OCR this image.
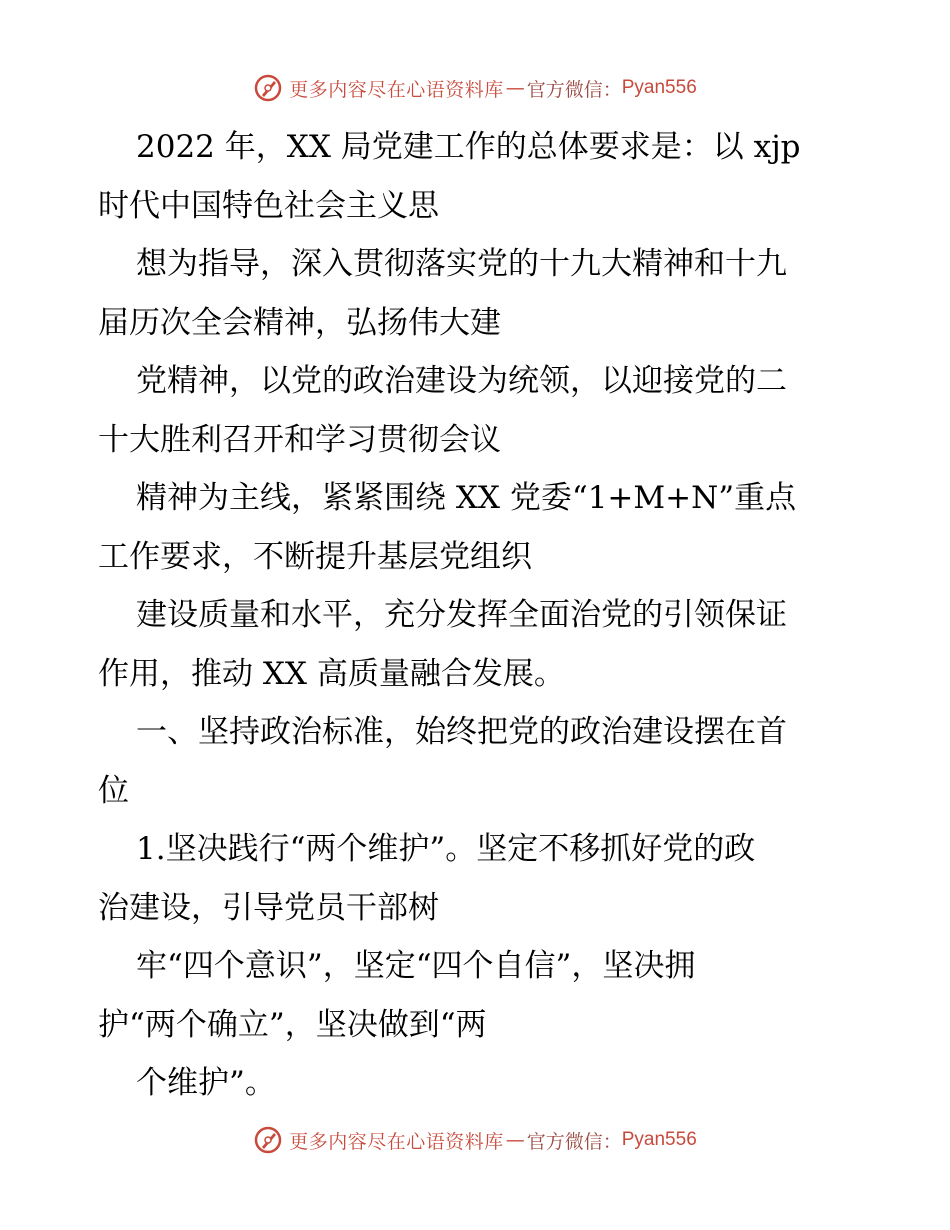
更多内容尽在心语资料库 — 官方微信： Pyan556
2022 年，XX 局党建工作的总体要求是：以 xjp
时代中国特色社会主义思
想为指导，深入贯彻落实党的十九大精神和十九
届历次全会精神，弘扬伟大建
党精神，以党的政治建设为统领，以迎接党的二
十大胜利召开和学习贯彻会议
精神为主线，紧紧围绕 XX 党委“1+M+N”重点
工作要求，不断提升基层党组织
建设质量和水平，充分发挥全面治党的引领保证
作用，推动 XX 高质量融合发展。
一、坚持政治标准，始终把党的政治建设摆在首
位
1.坚决践行“两个维护”。坚定不移抓好党的政
治建设，引导党员干部树
牢“四个意识”，坚定“四个自信”，坚决拥
护“两个确立”，坚决做到“两
个维护”。
更多内容尽在心语资料库 — 官方微信： Pyan556
